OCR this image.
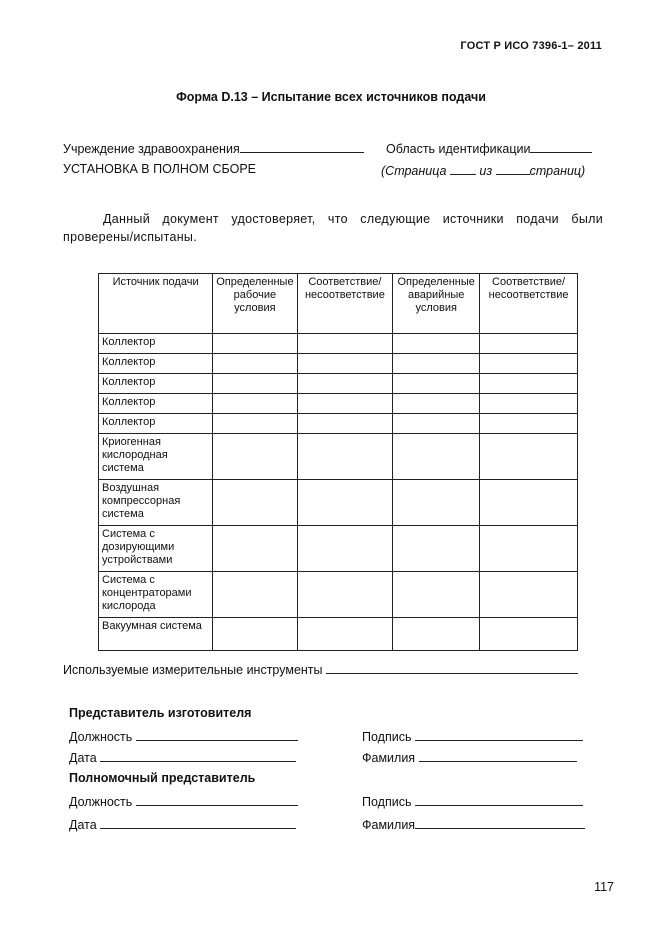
ГОСТ Р ИСО 7396-1– 2011
Форма D.13 – Испытание всех источников подачи
Учреждение здравоохранения	Область идентификации
УСТАНОВКА В ПОЛНОМ СБОРЕ	(Страница	из	страниц)
Данный документ удостоверяет, что следующие источники подачи были проверены/испытаны.
Источник подачи	Определенные рабочие условия	Соответствие/ несоответствие	Определенные аварийные условия	Соответствие/ несоответствие
Коллектор				
Коллектор				
Коллектор				
Коллектор				
Коллектор				
Криогенная кислородная система				
Воздушная компрессорная система				
Система с дозирующими устройствами				
Система с концентраторами кислорода				
Вакуумная система				
Используемые измерительные инструменты
Представитель изготовителя
Должность	Подпись
Дата	Фамилия
Полномочный представитель
Должность	Подпись
Дата	Фамилия
117
